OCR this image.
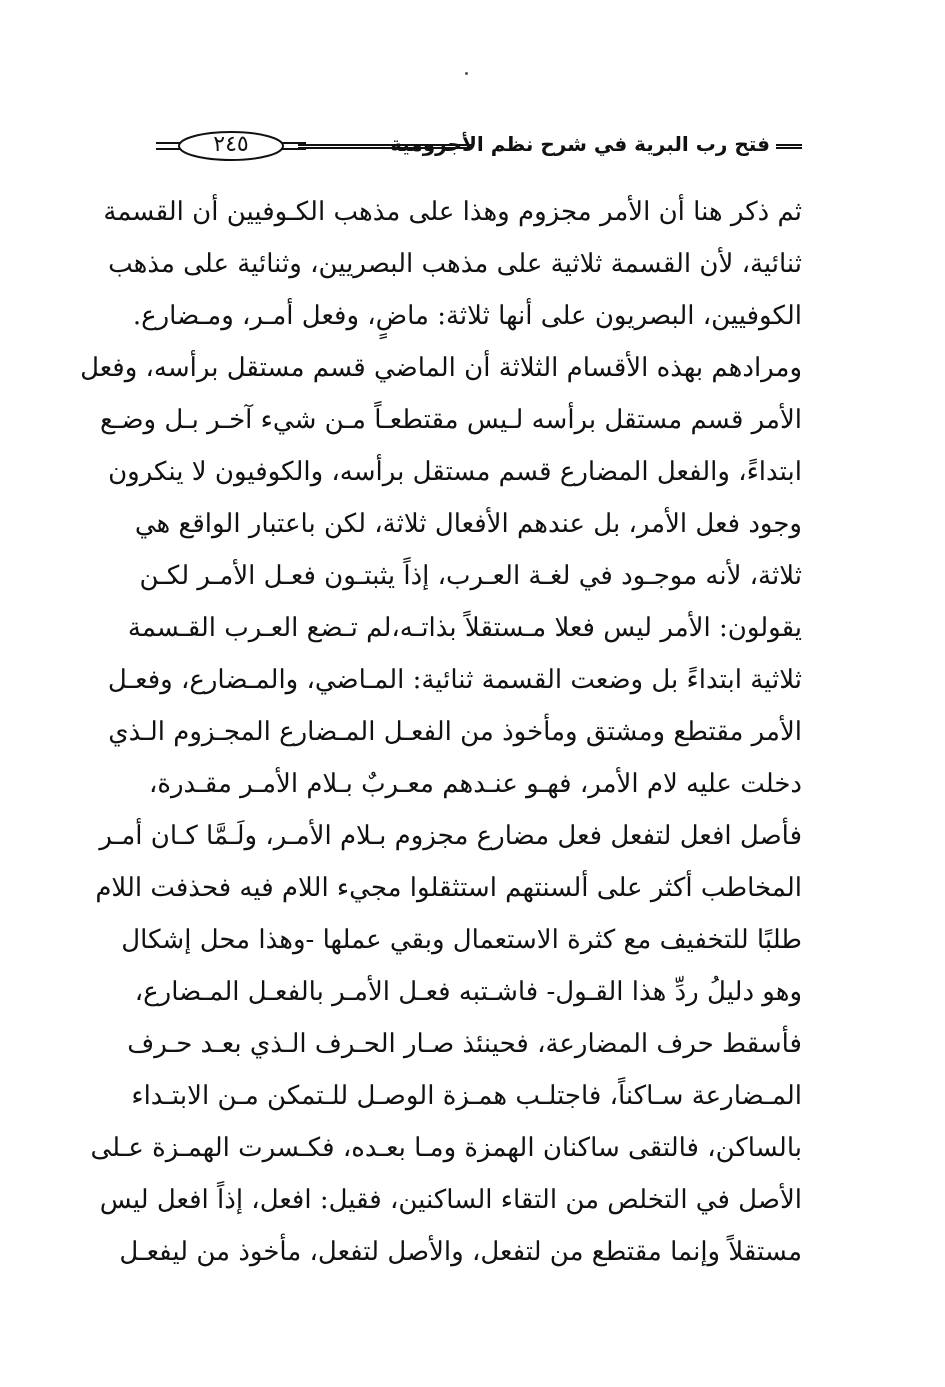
فتح رب البرية في شرح نظم الأجرومية
٢٤٥
ثم ذكر هنا أن الأمر مجزوم وهذا على مذهب الكـوفيين أن القسمة
ثنائية، لأن القسمة ثلاثية على مذهب البصريين، وثنائية على مذهب
الكوفيين، البصريون على أنها ثلاثة: ماضٍ، وفعل أمـر، ومـضارع.
ومرادهم بهذه الأقسام الثلاثة أن الماضي قسم مستقل برأسه، وفعل
الأمر قسم مستقل برأسه لـيس مقتطعـاً مـن شيء آخـر بـل وضـع
ابتداءً، والفعل المضارع قسم مستقل برأسه، والكوفيون لا ينكرون
وجود فعل الأمر، بل عندهم الأفعال ثلاثة، لكن باعتبار الواقع هي
ثلاثة، لأنه موجـود في لغـة العـرب، إذاً يثبتـون فعـل الأمـر لكـن
يقولون: الأمر ليس فعلا مـستقلاً بذاتـه،لم تـضع العـرب القـسمة
ثلاثية ابتداءً بل وضعت القسمة ثنائية: المـاضي، والمـضارع، وفعـل
الأمر مقتطع ومشتق ومأخوذ من الفعـل المـضارع المجـزوم الـذي
دخلت عليه لام الأمر، فهـو عنـدهم معـربٌ بـلام الأمـر مقـدرة،
فأصل افعل لتفعل فعل مضارع مجزوم بـلام الأمـر، ولَـمَّا كـان أمـر
المخاطب أكثر على ألسنتهم استثقلوا مجيء اللام فيه فحذفت اللام
طلبًا للتخفيف مع كثرة الاستعمال وبقي عملها -وهذا محل إشكال
وهو دليلُ ردِّ هذا القـول- فاشـتبه فعـل الأمـر بالفعـل المـضارع،
فأسقط حرف المضارعة، فحينئذ صـار الحـرف الـذي بعـد حـرف
المـضارعة سـاكناً، فاجتلـب همـزة الوصـل للـتمكن مـن الابتـداء
بالساكن، فالتقى ساكنان الهمزة ومـا بعـده، فكـسرت الهمـزة عـلى
الأصل في التخلص من التقاء الساكنين، فقيل: افعل، إذاً افعل ليس
مستقلاً وإنما مقتطع من لتفعل، والأصل لتفعل، مأخوذ من ليفعـل
